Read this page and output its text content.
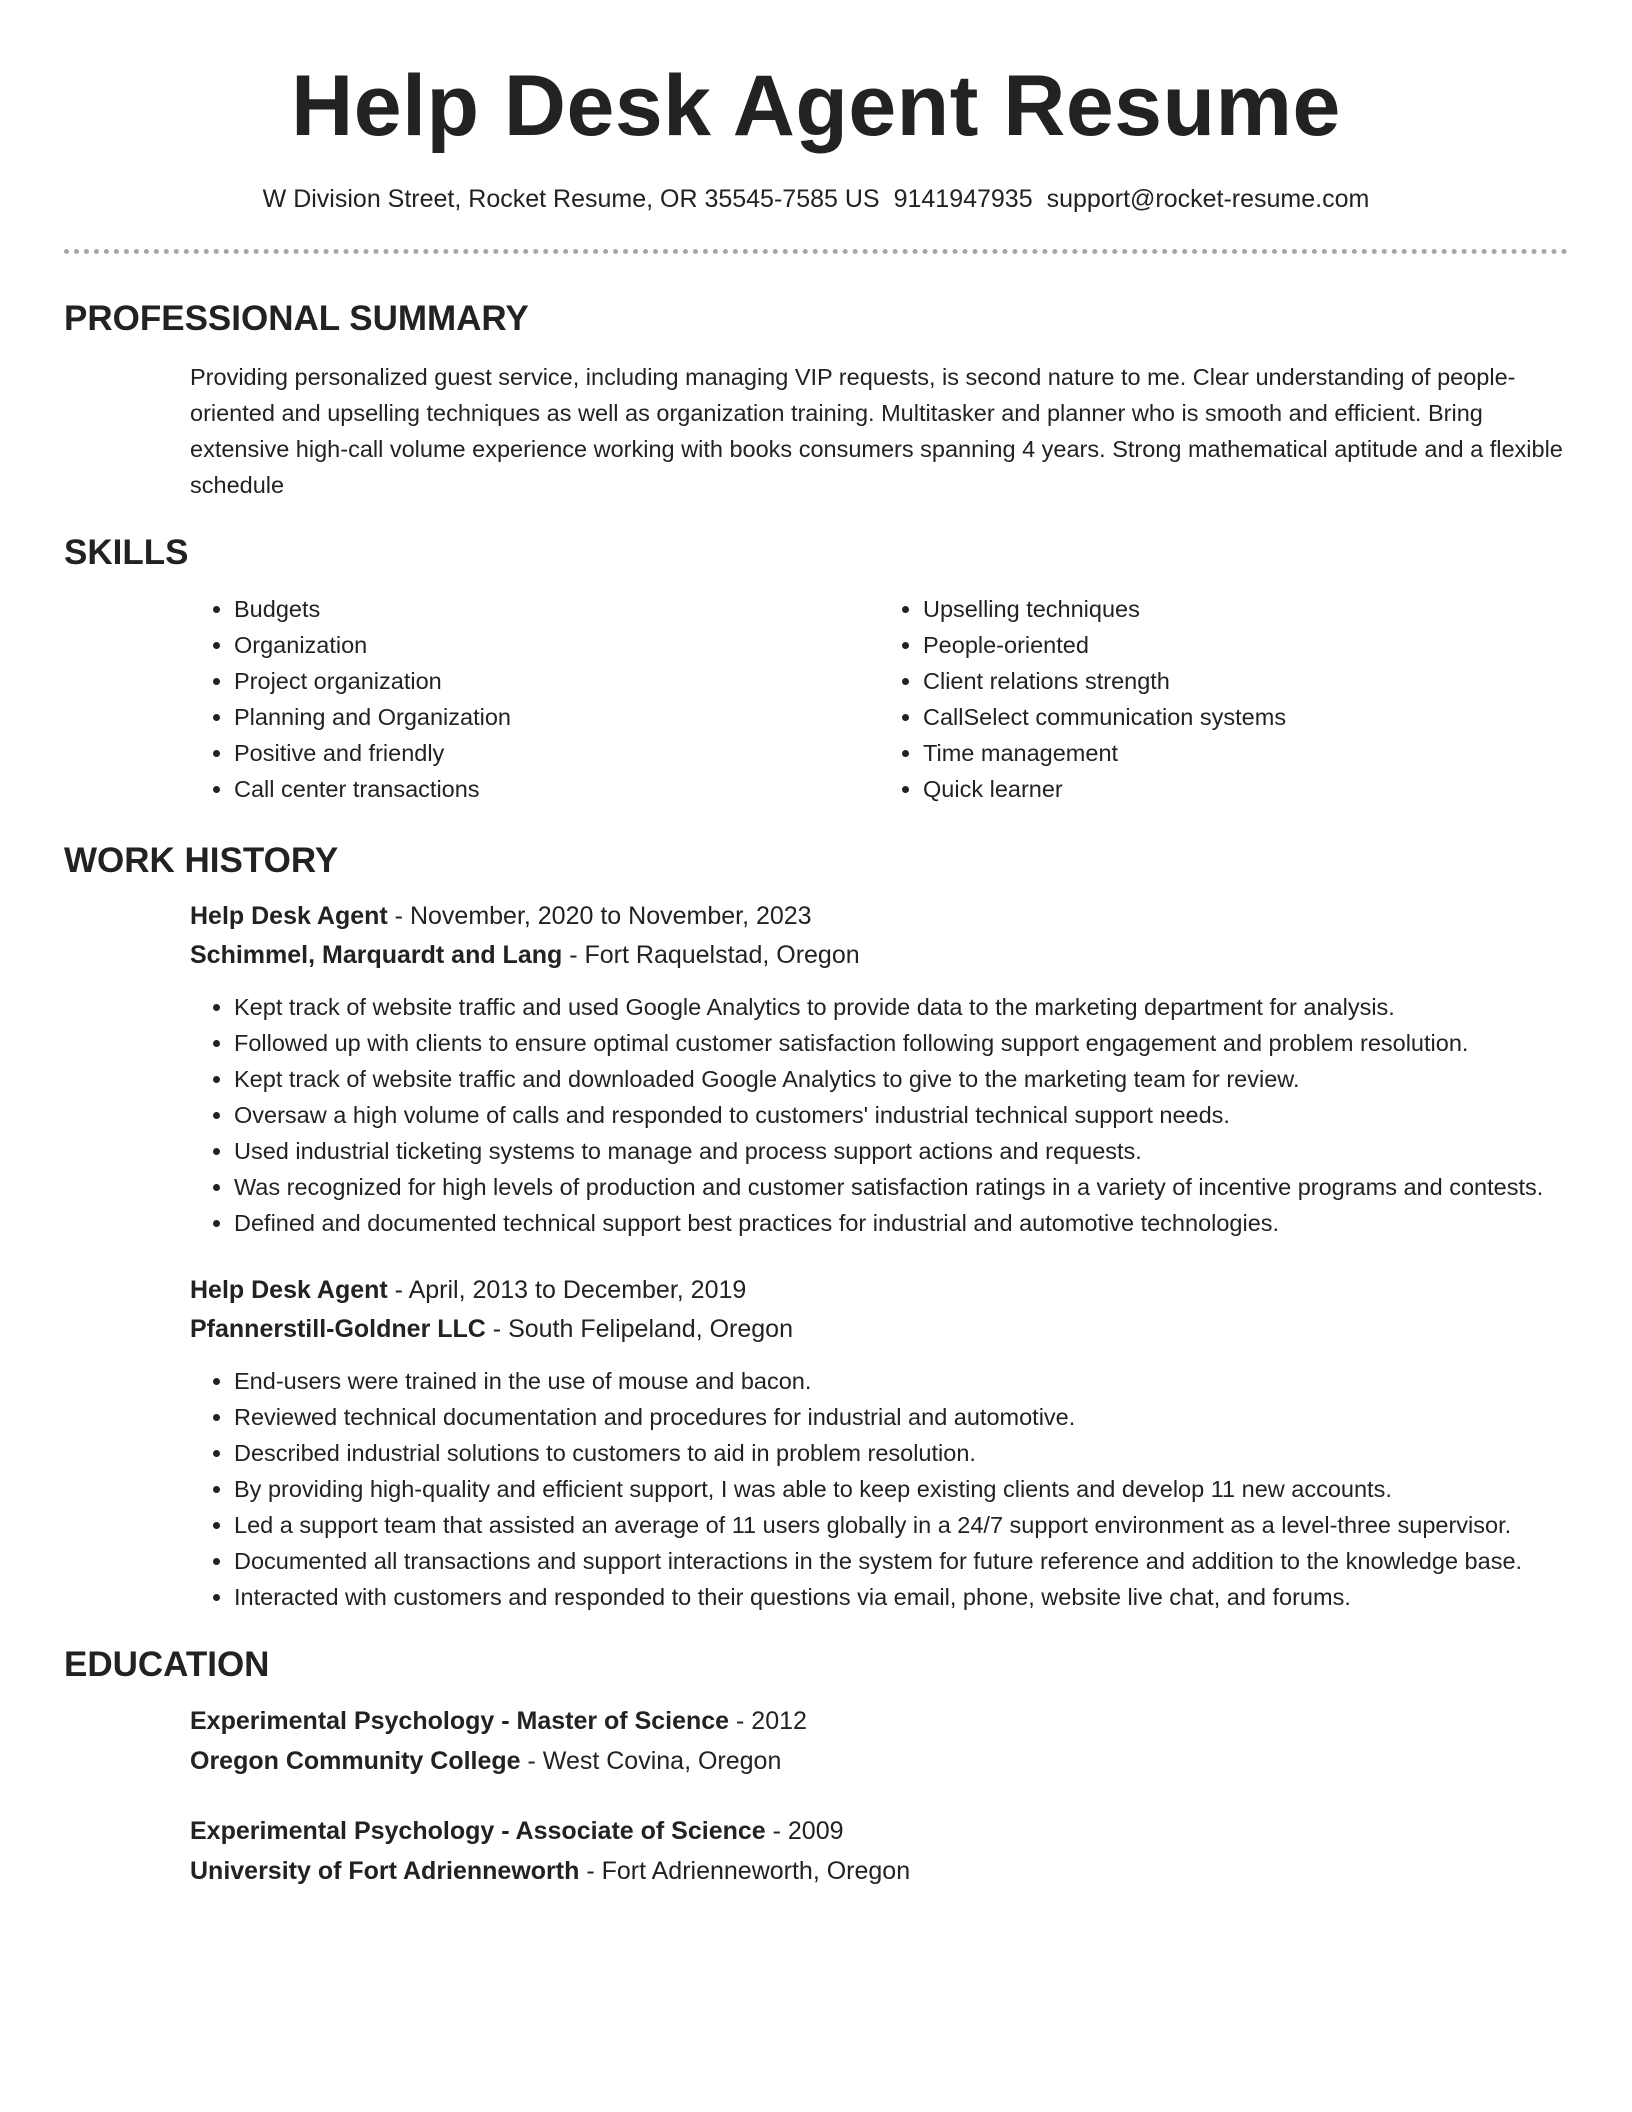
Help Desk Agent Resume
W Division Street, Rocket Resume, OR 35545-7585 US 9141947935 support@rocket-resume.com
PROFESSIONAL SUMMARY

Providing personalized guest service, including managing VIP requests, is second nature to me. Clear understanding of people-oriented and upselling techniques as well as organization training. Multitasker and planner who is smooth and efficient. Bring extensive high-call volume experience working with books consumers spanning 4 years. Strong mathematical aptitude and a flexible schedule

SKILLS
• Budgets
• Organization
• Project organization
• Planning and Organization
• Positive and friendly
• Call center transactions
• Upselling techniques
• People-oriented
• Client relations strength
• CallSelect communication systems
• Time management
• Quick learner
WORK HISTORY
Help Desk Agent - November, 2020 to November, 2023
Schimmel, Marquardt and Lang - Fort Raquelstad, Oregon
• Kept track of website traffic and used Google Analytics to provide data to the marketing department for analysis.
• Followed up with clients to ensure optimal customer satisfaction following support engagement and problem resolution.
• Kept track of website traffic and downloaded Google Analytics to give to the marketing team for review.
• Oversaw a high volume of calls and responded to customers' industrial technical support needs.
• Used industrial ticketing systems to manage and process support actions and requests.
• Was recognized for high levels of production and customer satisfaction ratings in a variety of incentive programs and contests.
• Defined and documented technical support best practices for industrial and automotive technologies.
Help Desk Agent - April, 2013 to December, 2019
Pfannerstill-Goldner LLC - South Felipeland, Oregon
• End-users were trained in the use of mouse and bacon.
• Reviewed technical documentation and procedures for industrial and automotive.
• Described industrial solutions to customers to aid in problem resolution.
• By providing high-quality and efficient support, I was able to keep existing clients and develop 11 new accounts.
• Led a support team that assisted an average of 11 users globally in a 24/7 support environment as a level-three supervisor.
• Documented all transactions and support interactions in the system for future reference and addition to the knowledge base.
• Interacted with customers and responded to their questions via email, phone, website live chat, and forums.
EDUCATION
Experimental Psychology - Master of Science - 2012
Oregon Community College - West Covina, Oregon
Experimental Psychology - Associate of Science - 2009
University of Fort Adrienneworth - Fort Adrienneworth, Oregon
